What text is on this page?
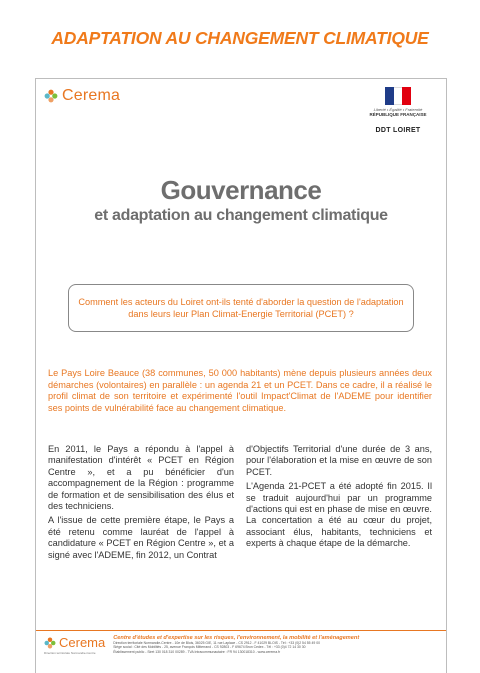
ADAPTATION AU CHANGEMENT CLIMATIQUE
Cerema
Liberté • Égalité • Fraternité
RÉPUBLIQUE FRANÇAISE
DDT LOIRET
Gouvernance
et adaptation au changement climatique
Comment les acteurs du Loiret ont-ils tenté d'aborder la question de l'adaptation dans leurs leur Plan Climat-Energie Territorial (PCET) ?
Le Pays Loire Beauce (38 communes, 50 000 habitants) mène depuis plusieurs années deux démarches (volontaires) en parallèle : un agenda 21 et un PCET. Dans ce cadre, il a réalisé le profil climat de son territoire et expérimenté l'outil Impact'Climat de l'ADEME pour identifier ses points de vulnérabilité face au changement climatique.

En 2011, le Pays a répondu à l'appel à manifestation d'intérêt « PCET en Région Centre », et a pu bénéficier d'un accompagnement de la Région : programme de formation et de sensibilisation des élus et des techniciens.

A l'issue de cette première étape, le Pays a été retenu comme lauréat de l'appel à candidature « PCET en Région Centre », et a signé avec l'ADEME, fin 2012, un Contrat

d'Objectifs Territorial d'une durée de 3 ans, pour l'élaboration et la mise en œuvre de son PCET.

L'Agenda 21-PCET a été adopté fin 2015. Il se traduit aujourd'hui par un programme d'actions qui est en phase de mise en œuvre. La concertation a été au cœur du projet, associant élus, habitants, techniciens et experts à chaque étape de la démarche.

Cerema
Direction territoriale Normandie-Centre
Centre d'études et d'expertise sur les risques, l'environnement, la mobilité et l'aménagement
Direction territoriale Normandie-Centre - 10e de Blois, 36025 GIE, 11 rue Laplace - CS 2912 - F 41029 BLOIS - Tél : +33 (0)2 54 55 49 00
Siège social : Cité des Mobilités - 25, avenue François Mitterrand - CS 92803 - F 69674 Bron Cedex - Tél : +33 (0)4 72 14 30 30
Établissement public - Siret 130 018 310 00289 - TVA Intracommunautaire : FR 94 130018310 - www.cerema.fr
